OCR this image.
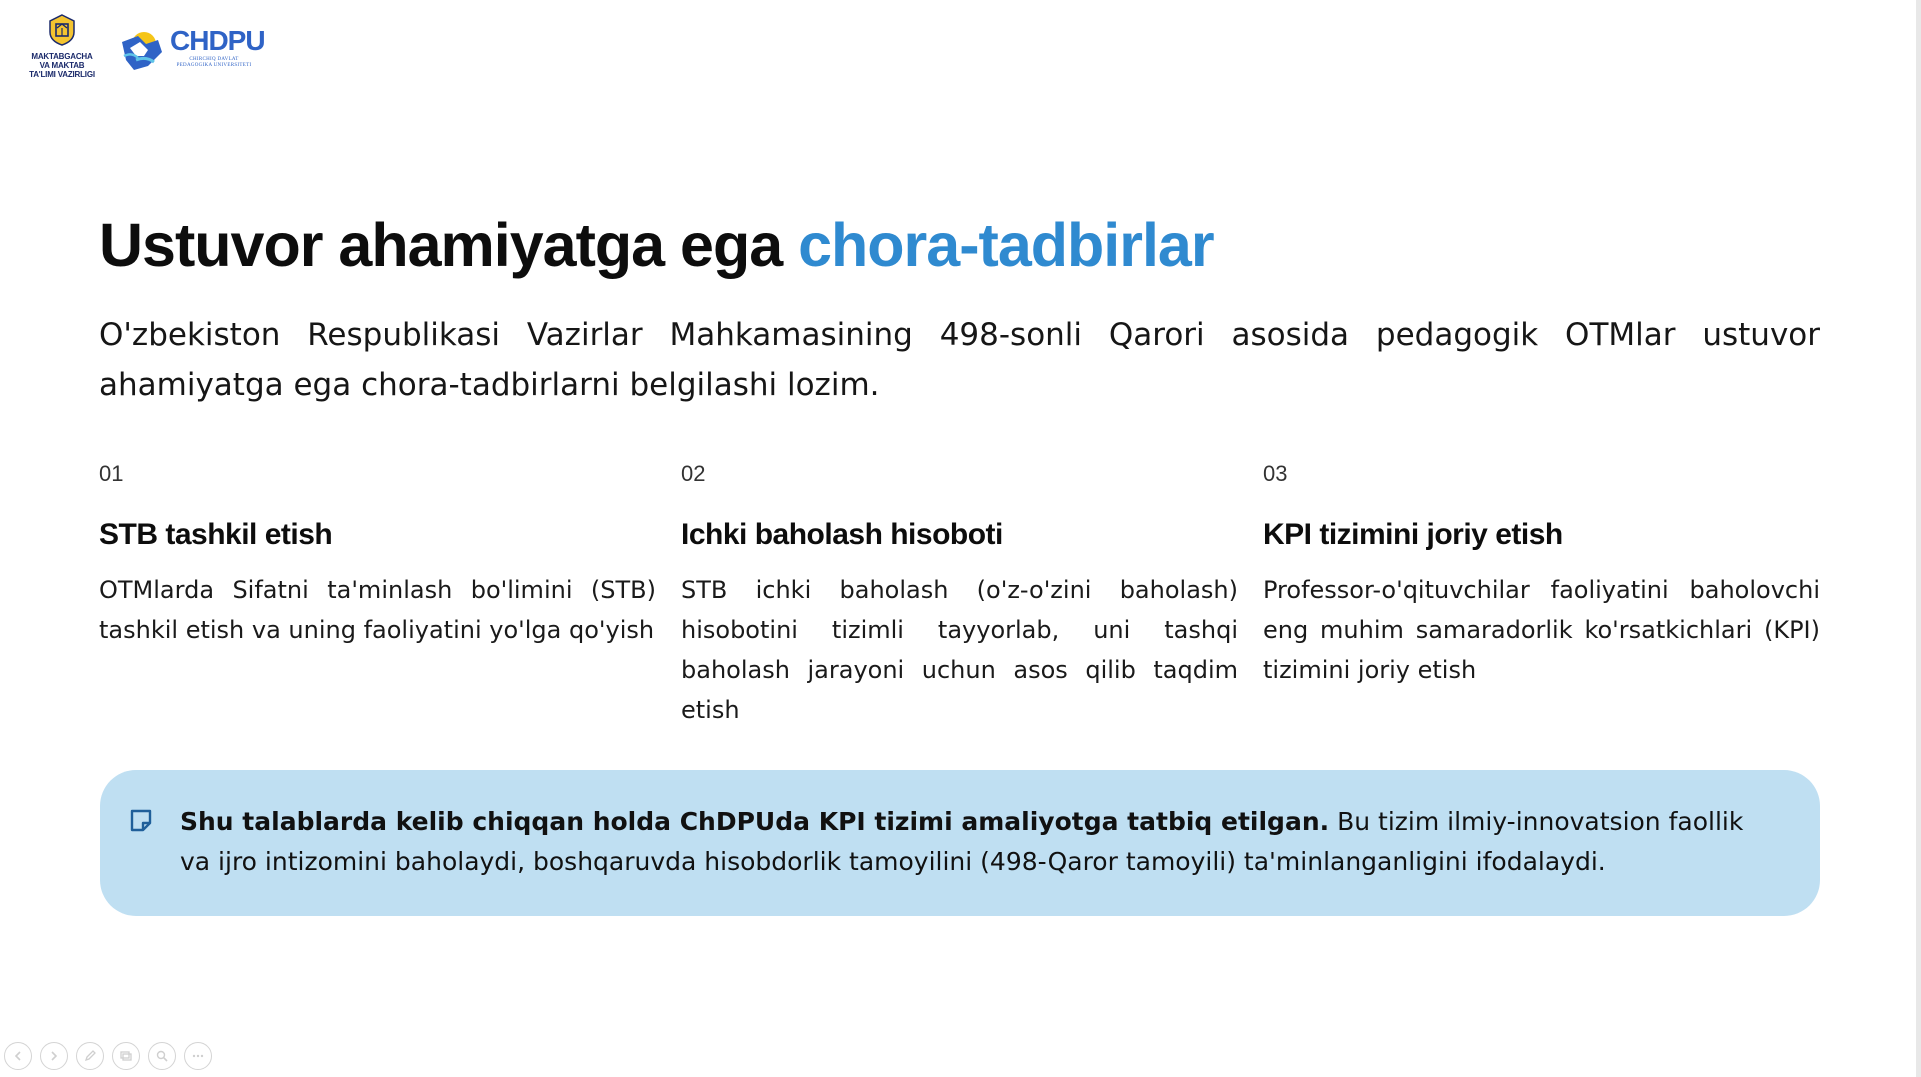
MAKTABGACHA
VA MAKTAB
TA'LIMI VAZIRLIGI
CHDPU
CHIRCHIQ DAVLAT
PEDAGOGIKA UNIVERSITETI
Ustuvor ahamiyatga ega chora-tadbirlar

O'zbekiston Respublikasi Vazirlar Mahkamasining 498-sonli Qarori asosida pedagogik OTMlar ustuvor ahamiyatga ega chora-tadbirlarni belgilashi lozim.

01
STB tashkil etish
OTMlarda Sifatni ta'minlash bo'limini (STB) tashkil etish va uning faoliyatini yo'lga qo'yish
02
Ichki baholash hisoboti
STB ichki baholash (o'z-o'zini baholash) hisobotini tizimli tayyorlab, uni tashqi baholash jarayoni uchun asos qilib taqdim etish
03
KPI tizimini joriy etish
Professor-o'qituvchilar faoliyatini baholovchi eng muhim samaradorlik ko'rsatkichlari (KPI) tizimini joriy etish
Shu talablarda kelib chiqqan holda ChDPUda KPI tizimi amaliyotga tatbiq etilgan. Bu tizim ilmiy-innovatsion faollik va ijro intizomini baholaydi, boshqaruvda hisobdorlik tamoyilini (498-Qaror tamoyili) ta'minlanganligini ifodalaydi.
